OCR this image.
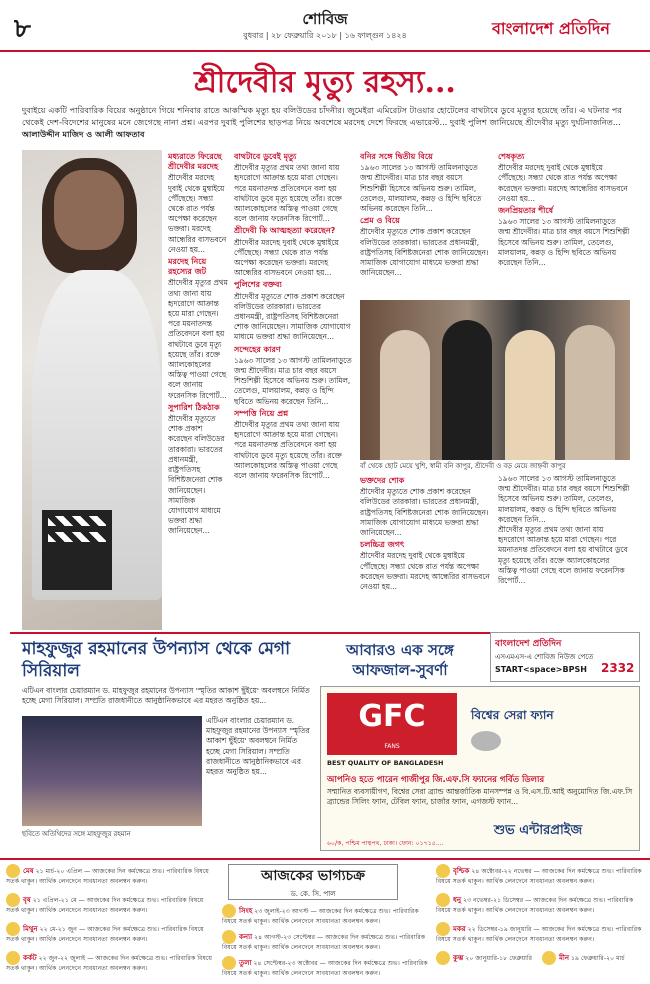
৮	শোবিজ
বুধবার | ২৮ ফেব্রুয়ারি ২০১৮ | ১৬ ফাল্গুন ১৪২৪	বাংলাদেশ প্রতিদিন
শ্রীদেবীর মৃত্যু রহস্য...
দুবাইয়ে একটি পারিবারিক বিয়ের অনুষ্ঠানে গিয়ে শনিবার রাতে আকস্মিক মৃত্যু হয় বলিউডের চাঁদনীর। জুমেইরা এমিরেটস টাওয়ার হোটেলের বাথটাবে ডুবে মৃত্যুর হয়েছে তাঁর। এ ঘটনার পর থেকেই দেশ-বিদেশের মানুষের মনে জেগেছে নানা প্রশ্ন। এরপর দুবাই পুলিশের ছাড়পত্র নিয়ে অবশেষে মরদেহ দেশে ফিরছে এভারেস্ট... দুবাই পুলিশ জানিয়েছে শ্রীদেবীর মৃত্যু দুর্ঘটনাজনিত... আলাউদ্দীন মাজিদ ও আলী আফতাব
মধ্যরাতে ফিরেছে শ্রীদেবীর মরদেহ

শ্রীদেবীর মরদেহ দুবাই থেকে মুম্বাইয়ে পৌঁছেছে। সন্ধ্যা থেকে রাত পর্যন্ত অপেক্ষা করেছেন ভক্তরা। মরদেহ আন্ধেরির বাসভবনে নেওয়া হয়...

মরদেহ নিয়ে রহস্যের জট

শ্রীদেবীর মৃত্যুর প্রথম তথ্য জানা যায় হৃদরোগে আক্রান্ত হয়ে মারা গেছেন। পরে ময়নাতদন্ত প্রতিবেদনে বলা হয় বাথটাবে ডুবে মৃত্যু হয়েছে তাঁর। রক্তে অ্যালকোহলের অস্তিত্ব পাওয়া গেছে বলে জানায় ফরেনসিক রিপোর্ট...

সুপারিশ ঠিকঠাক

শ্রীদেবীর মৃত্যুতে শোক প্রকাশ করেছেন বলিউডের তারকারা। ভারতের প্রধানমন্ত্রী, রাষ্ট্রপতিসহ বিশিষ্টজনেরা শোক জানিয়েছেন। সামাজিক যোগাযোগ মাধ্যমে ভক্তরা শ্রদ্ধা জানিয়েছেন...

বাথটাবে ডুবেই মৃত্যু

শ্রীদেবীর মৃত্যুর প্রথম তথ্য জানা যায় হৃদরোগে আক্রান্ত হয়ে মারা গেছেন। পরে ময়নাতদন্ত প্রতিবেদনে বলা হয় বাথটাবে ডুবে মৃত্যু হয়েছে তাঁর। রক্তে অ্যালকোহলের অস্তিত্ব পাওয়া গেছে বলে জানায় ফরেনসিক রিপোর্ট...

শ্রীদেবী কি আত্মহত্যা করেছেন?

শ্রীদেবীর মরদেহ দুবাই থেকে মুম্বাইয়ে পৌঁছেছে। সন্ধ্যা থেকে রাত পর্যন্ত অপেক্ষা করেছেন ভক্তরা। মরদেহ আন্ধেরির বাসভবনে নেওয়া হয়...

পুলিশের বক্তব্য

শ্রীদেবীর মৃত্যুতে শোক প্রকাশ করেছেন বলিউডের তারকারা। ভারতের প্রধানমন্ত্রী, রাষ্ট্রপতিসহ বিশিষ্টজনেরা শোক জানিয়েছেন। সামাজিক যোগাযোগ মাধ্যমে ভক্তরা শ্রদ্ধা জানিয়েছেন...

সন্দেহের কারণ

১৯৬৩ সালের ১৩ আগস্ট তামিলনাড়ুতে জন্ম শ্রীদেবীর। মাত্র চার বছর বয়সে শিশুশিল্পী হিসেবে অভিনয় শুরু। তামিল, তেলেগু, মালয়ালম, কন্নড় ও হিন্দি ছবিতে অভিনয় করেছেন তিনি...

সম্পত্তি নিয়ে প্রশ্ন

শ্রীদেবীর মৃত্যুর প্রথম তথ্য জানা যায় হৃদরোগে আক্রান্ত হয়ে মারা গেছেন। পরে ময়নাতদন্ত প্রতিবেদনে বলা হয় বাথটাবে ডুবে মৃত্যু হয়েছে তাঁর। রক্তে অ্যালকোহলের অস্তিত্ব পাওয়া গেছে বলে জানায় ফরেনসিক রিপোর্ট...

বনির সঙ্গে দ্বিতীয় বিয়ে

১৯৬৩ সালের ১৩ আগস্ট তামিলনাড়ুতে জন্ম শ্রীদেবীর। মাত্র চার বছর বয়সে শিশুশিল্পী হিসেবে অভিনয় শুরু। তামিল, তেলেগু, মালয়ালম, কন্নড় ও হিন্দি ছবিতে অভিনয় করেছেন তিনি...

প্রেম ও বিয়ে

শ্রীদেবীর মৃত্যুতে শোক প্রকাশ করেছেন বলিউডের তারকারা। ভারতের প্রধানমন্ত্রী, রাষ্ট্রপতিসহ বিশিষ্টজনেরা শোক জানিয়েছেন। সামাজিক যোগাযোগ মাধ্যমে ভক্তরা শ্রদ্ধা জানিয়েছেন...

শেষকৃত্য

শ্রীদেবীর মরদেহ দুবাই থেকে মুম্বাইয়ে পৌঁছেছে। সন্ধ্যা থেকে রাত পর্যন্ত অপেক্ষা করেছেন ভক্তরা। মরদেহ আন্ধেরির বাসভবনে নেওয়া হয়...

জনপ্রিয়তার শীর্ষে

১৯৬৩ সালের ১৩ আগস্ট তামিলনাড়ুতে জন্ম শ্রীদেবীর। মাত্র চার বছর বয়সে শিশুশিল্পী হিসেবে অভিনয় শুরু। তামিল, তেলেগু, মালয়ালম, কন্নড় ও হিন্দি ছবিতে অভিনয় করেছেন তিনি...

বাঁ থেকে ছোট মেয়ে খুশি, স্বামী বনি কাপুর, শ্রীদেবী ও বড় মেয়ে জাহ্নবী কাপুর
ভক্তদের শোক

শ্রীদেবীর মৃত্যুতে শোক প্রকাশ করেছেন বলিউডের তারকারা। ভারতের প্রধানমন্ত্রী, রাষ্ট্রপতিসহ বিশিষ্টজনেরা শোক জানিয়েছেন। সামাজিক যোগাযোগ মাধ্যমে ভক্তরা শ্রদ্ধা জানিয়েছেন...

চলচ্চিত্র জগৎ

শ্রীদেবীর মরদেহ দুবাই থেকে মুম্বাইয়ে পৌঁছেছে। সন্ধ্যা থেকে রাত পর্যন্ত অপেক্ষা করেছেন ভক্তরা। মরদেহ আন্ধেরির বাসভবনে নেওয়া হয়...

১৯৬৩ সালের ১৩ আগস্ট তামিলনাড়ুতে জন্ম শ্রীদেবীর। মাত্র চার বছর বয়সে শিশুশিল্পী হিসেবে অভিনয় শুরু। তামিল, তেলেগু, মালয়ালম, কন্নড় ও হিন্দি ছবিতে অভিনয় করেছেন তিনি...

শ্রীদেবীর মৃত্যুর প্রথম তথ্য জানা যায় হৃদরোগে আক্রান্ত হয়ে মারা গেছেন। পরে ময়নাতদন্ত প্রতিবেদনে বলা হয় বাথটাবে ডুবে মৃত্যু হয়েছে তাঁর। রক্তে অ্যালকোহলের অস্তিত্ব পাওয়া গেছে বলে জানায় ফরেনসিক রিপোর্ট...

মাহফুজুর রহমানের উপন্যাস থেকে মেগা সিরিয়াল
এটিএন বাংলার চেয়ারম্যান ড. মাহফুজুর রহমানের উপন্যাস 'স্মৃতির আকাশ ছুঁইয়ে' অবলম্বনে নির্মিত হচ্ছে মেগা সিরিয়াল। সম্প্রতি রাজধানীতে আনুষ্ঠানিকভাবে এর মহরত অনুষ্ঠিত হয়...
এটিএন বাংলার চেয়ারম্যান ড. মাহফুজুর রহমানের উপন্যাস 'স্মৃতির আকাশ ছুঁইয়ে' অবলম্বনে নির্মিত হচ্ছে মেগা সিরিয়াল। সম্প্রতি রাজধানীতে আনুষ্ঠানিকভাবে এর মহরত অনুষ্ঠিত হয়...
ছবিতে অতিথিদের সঙ্গে মাহফুজুর রহমান
আবারও এক সঙ্গে আফজাল-সুবর্ণা
বাংলাদেশ প্রতিদিন
এসএমএস-এ শোবিজ নিউজ পেতে
START<space>BPSH 2332
GFC
FANS
BEST QUALITY OF BANGLADESH
বিশ্বের সেরা ফ্যান
আপনিও হতে পারেন গাজীপুর জি.এফ.সি ফ্যানের গর্বিত ডিলার
সম্মানিত ব্যবসায়ীগণ, বিশ্বের সেরা ব্র্যান্ড আন্তর্জাতিক মানসম্পন্ন ও বি.এস.টি.আই অনুমোদিত জি.এফ.সি ব্র্যান্ডের সিলিং ফ্যান, টেবিল ফ্যান, চার্জার ফ্যান, এগজস্ট ফ্যান...
শুভ এন্টারপ্রাইজ
৬০/ক, পশ্চিম পান্থপথ, ঢাকা। ফোন: ০১৭১৫....
আজকের ভাগ্যচক্র
ড. কে. সি. পাল
মেষ ২১ মার্চ-২০ এপ্রিল — আজকের দিন কর্মক্ষেত্রে শুভ। পারিবারিক বিষয়ে সতর্ক থাকুন। আর্থিক লেনদেনে সাবধানতা অবলম্বন করুন।
বৃষ ২১ এপ্রিল-২১ মে — আজকের দিন কর্মক্ষেত্রে শুভ। পারিবারিক বিষয়ে সতর্ক থাকুন। আর্থিক লেনদেনে সাবধানতা অবলম্বন করুন।
মিথুন ২২ মে-২১ জুন — আজকের দিন কর্মক্ষেত্রে শুভ। পারিবারিক বিষয়ে সতর্ক থাকুন। আর্থিক লেনদেনে সাবধানতা অবলম্বন করুন।
কর্কট ২২ জুন-২২ জুলাই — আজকের দিন কর্মক্ষেত্রে শুভ। পারিবারিক বিষয়ে সতর্ক থাকুন। আর্থিক লেনদেনে সাবধানতা অবলম্বন করুন।
সিংহ ২৩ জুলাই-২৩ আগস্ট — আজকের দিন কর্মক্ষেত্রে শুভ। পারিবারিক বিষয়ে সতর্ক থাকুন। আর্থিক লেনদেনে সাবধানতা অবলম্বন করুন।
কন্যা ২৪ আগস্ট-২৩ সেপ্টেম্বর — আজকের দিন কর্মক্ষেত্রে শুভ। পারিবারিক বিষয়ে সতর্ক থাকুন। আর্থিক লেনদেনে সাবধানতা অবলম্বন করুন।
তুলা ২৪ সেপ্টেম্বর-২৩ অক্টোবর — আজকের দিন কর্মক্ষেত্রে শুভ। পারিবারিক বিষয়ে সতর্ক থাকুন। আর্থিক লেনদেনে সাবধানতা অবলম্বন করুন।
বৃশ্চিক ২৪ অক্টোবর-২২ নভেম্বর — আজকের দিন কর্মক্ষেত্রে শুভ। পারিবারিক বিষয়ে সতর্ক থাকুন। আর্থিক লেনদেনে সাবধানতা অবলম্বন করুন।
ধনু ২৩ নভেম্বর-২১ ডিসেম্বর — আজকের দিন কর্মক্ষেত্রে শুভ। পারিবারিক বিষয়ে সতর্ক থাকুন। আর্থিক লেনদেনে সাবধানতা অবলম্বন করুন।
মকর ২২ ডিসেম্বর-১৯ জানুয়ারি — আজকের দিন কর্মক্ষেত্রে শুভ। পারিবারিক বিষয়ে সতর্ক থাকুন। আর্থিক লেনদেনে সাবধানতা অবলম্বন করুন।
কুম্ভ ২০ জানুয়ারি-১৮ ফেব্রুয়ারি	মীন ১৯ ফেব্রুয়ারি-২০ মার্চ
